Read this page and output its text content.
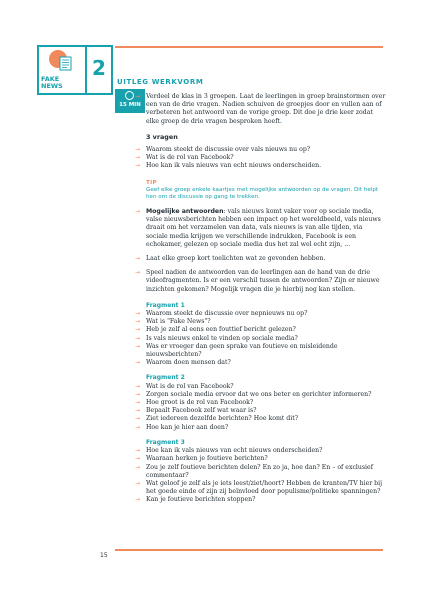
FAKE
NEWS
2
UITLEG WERKVORM
15 MIN
→ Verdeel de klas in 3 groepen. Laat de leerlingen in groep brainstormen over een van de drie vragen. Nadien schuiven de groepjes door en vullen aan of verbeteren het antwoord van de vorige groep. Dit doe je drie keer zodat elke groep de drie vragen besproken heeft.

3 vragen

→ Waarom steekt de discussie over vals nieuws nu op?
→ Wat is de rol van Facebook?
→ Hoe kan ik vals nieuws van echt nieuws onderscheiden.

TIP

Geef elke groep enkele kaartjes met mogelijke antwoorden op de vragen. Dit helpt hen om de discussie op gang te trekken.

→ Mogelijke antwoorden: vals nieuws komt vaker voor op sociale media, valse nieuwsberichten hebben een impact op het wereldbeeld, vals nieuws draait om het verzamelen van data, vals nieuws is van alle tijden, via sociale media krijgen we verschillende indrukken, Facebook is een echokamer, gelezen op sociale media dus het zal wel echt zijn, ...

→ Laat elke groep kort toelichten wat ze gevonden hebben.
→ Speel nadien de antwoorden van de leerlingen aan de hand van de drie videofragmenten. Is er een verschil tussen de antwoorden? Zijn er nieuwe inzichten gekomen? Mogelijk vragen die je hierbij nog kan stellen.

Fragment 1

→ Waarom steekt de discussie over nepnieuws nu op?
→ Wat is "Fake News"?
→ Heb je zelf al eens een fouttief bericht gelezen?
→ Is vals nieuws enkel te vinden op sociale media?
→ Was er vroeger dan geen sprake van foutieve en misleidende nieuwsberichten?
→ Waarom doen mensen dat?

Fragment 2

→ Wat is de rol van Facebook?
→ Zorgen sociale media ervoor dat we ons beter en gerichter informeren?
→ Hoe groot is de rol van Facebook?
→ Bepaalt Facebook zelf wat waar is?
→ Ziet iedereen dezelfde berichten? Hoe komt dit?
→ Hoe kan je hier aan doen?

Fragment 3

→ Hoe kan ik vals nieuws van echt nieuws onderscheiden?
→ Waaraan herken je foutieve berichten?
→ Zou je zelf foutieve berichten delen? En zo ja, hoe dan? En – of exclusief commentaar?
→ Wat geloof je zelf als je iets leest/ziet/hoort? Hebben de kranten/TV hier bij het goede einde of zijn zij beïnvloed door populisme/politieke spanningen?
→ Kan je foutieve berichten stoppen?
15
